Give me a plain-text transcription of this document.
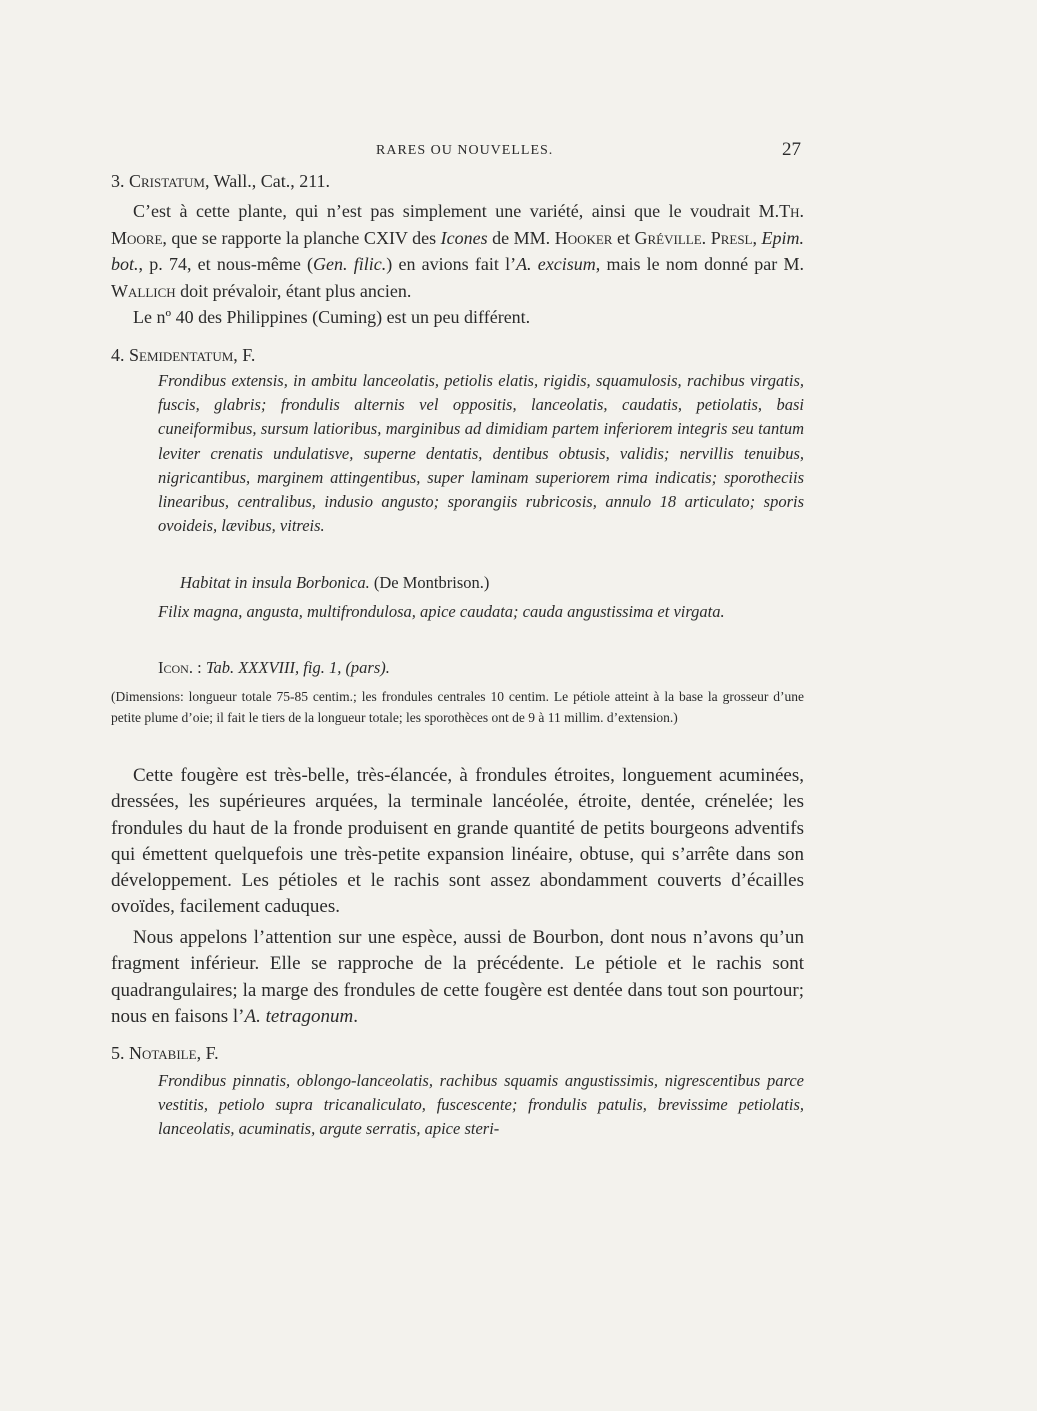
RARES OU NOUVELLES.	27
3. Cristatum, Wall., Cat., 211.
C’est à cette plante, qui n’est pas simplement une variété, ainsi que le voudrait M.Th. Moore, que se rapporte la planche CXIV des Icones de MM. Hooker et Gréville. Presl, Epim. bot., p. 74, et nous-même (Gen. filic.) en avions fait l’A. excisum, mais le nom donné par M. Wallich doit prévaloir, étant plus ancien.
Le nº 40 des Philippines (Cuming) est un peu différent.
4. Semidentatum, F.
Frondibus extensis, in ambitu lanceolatis, petiolis elatis, rigidis, squamulosis, rachibus virgatis, fuscis, glabris; frondulis alternis vel oppositis, lanceolatis, caudatis, petiolatis, basi cuneiformibus, sursum latioribus, marginibus ad dimidiam partem inferiorem integris seu tantum leviter crenatis undulatisve, superne dentatis, dentibus obtusis, validis; nervillis tenuibus, nigricantibus, marginem attingentibus, super laminam superiorem rima indicatis; sporotheciis linearibus, centralibus, indusio angusto; sporangiis rubricosis, annulo 18 articulato; sporis ovoideis, lævibus, vitreis.
Habitat in insula Borbonica. (De Montbrison.)
Filix magna, angusta, multifrondulosa, apice caudata; cauda angustissima et virgata.
Icon. : Tab. XXXVIII, fig. 1, (pars).
(Dimensions: longueur totale 75-85 centim.; les frondules centrales 10 centim. Le pétiole atteint à la base la grosseur d’une petite plume d’oie; il fait le tiers de la longueur totale; les sporothèces ont de 9 à 11 millim. d’extension.)
Cette fougère est très-belle, très-élancée, à frondules étroites, longuement acuminées, dressées, les supérieures arquées, la terminale lancéolée, étroite, dentée, crénelée; les frondules du haut de la fronde produisent en grande quantité de petits bourgeons adventifs qui émettent quelquefois une très-petite expansion linéaire, obtuse, qui s’arrête dans son développement. Les pétioles et le rachis sont assez abondamment couverts d’écailles ovoïdes, facilement caduques.
Nous appelons l’attention sur une espèce, aussi de Bourbon, dont nous n’avons qu’un fragment inférieur. Elle se rapproche de la précédente. Le pétiole et le rachis sont quadrangulaires; la marge des frondules de cette fougère est dentée dans tout son pourtour; nous en faisons l’A. tetragonum.
5. Notabile, F.
Frondibus pinnatis, oblongo-lanceolatis, rachibus squamis angustissimis, nigrescentibus parce vestitis, petiolo supra tricanaliculato, fuscescente; frondulis patulis, brevissime petiolatis, lanceolatis, acuminatis, argute serratis, apice steri-
